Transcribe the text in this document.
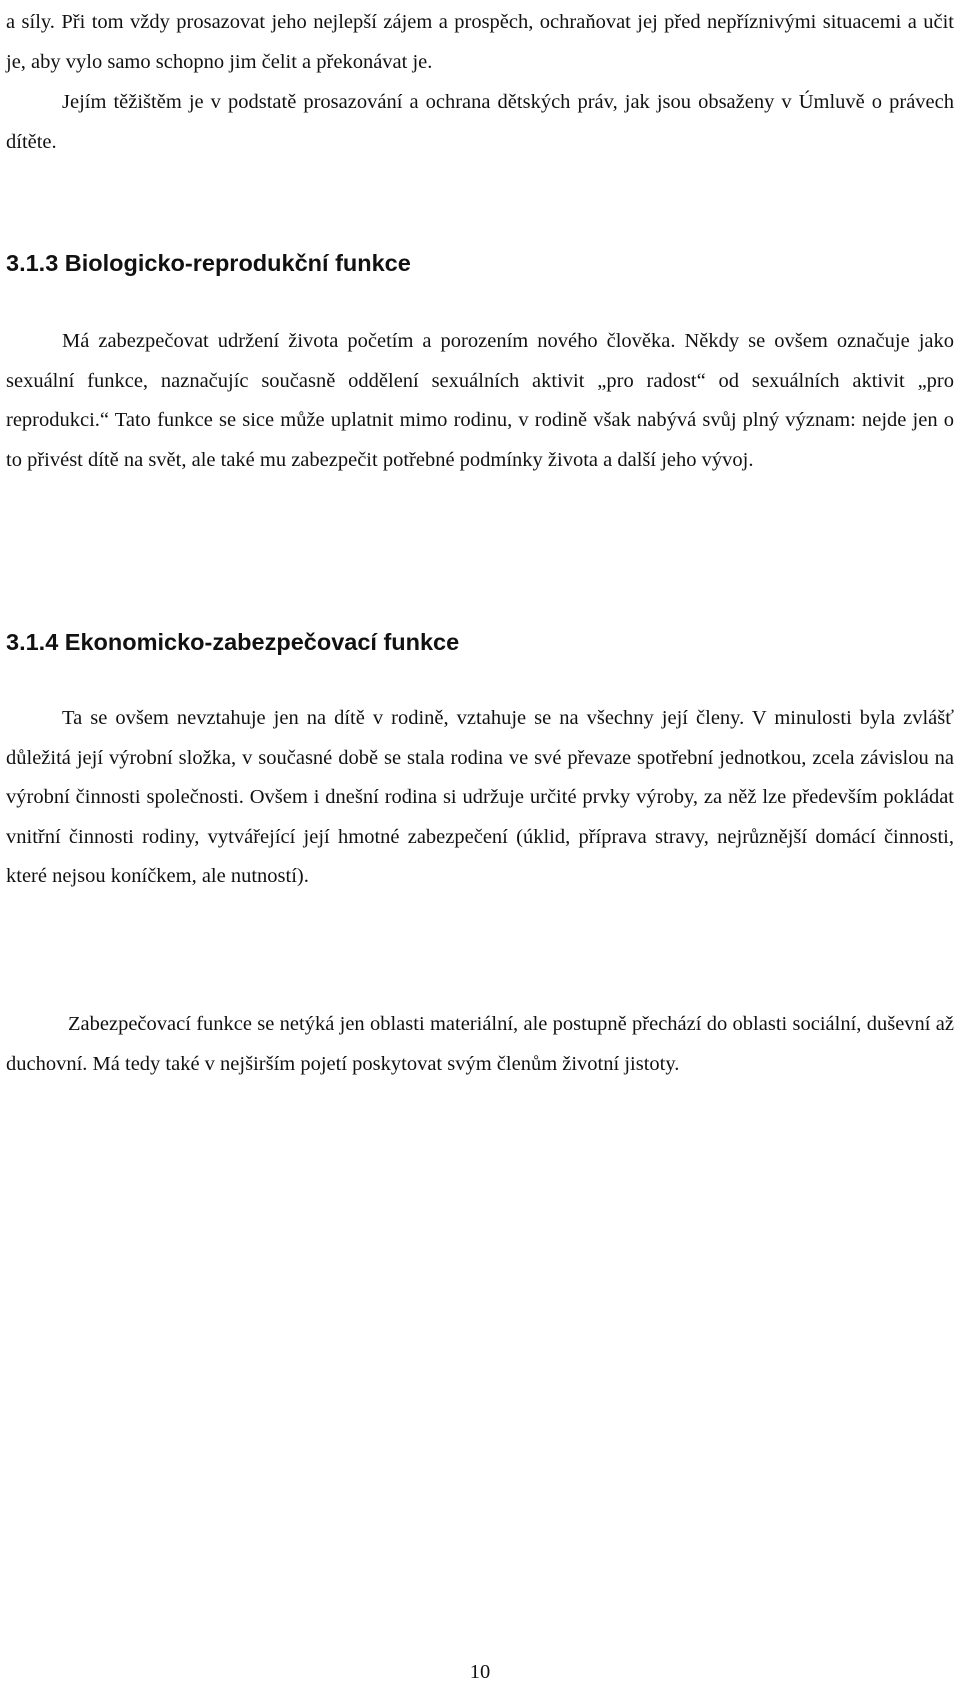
a síly. Při tom vždy prosazovat jeho nejlepší zájem a prospěch, ochraňovat jej před nepříznivými situacemi a učit je, aby vylo samo schopno jim čelit a překonávat je.

Jejím těžištěm je v podstatě prosazování a ochrana dětských práv, jak jsou obsaženy v Úmluvě o právech dítěte.

3.1.3 Biologicko-reprodukční funkce

Má zabezpečovat udržení života početím a porozením nového člověka. Někdy se ovšem označuje jako sexuální funkce, naznačujíc současně oddělení sexuálních aktivit „pro radost“ od sexuálních aktivit „pro reprodukci.“ Tato funkce se sice může uplatnit mimo rodinu, v rodině však nabývá svůj plný význam: nejde jen o to přivést dítě na svět, ale také mu zabezpečit potřebné podmínky života a další jeho vývoj.

3.1.4 Ekonomicko-zabezpečovací funkce

Ta se ovšem nevztahuje jen na dítě v rodině, vztahuje se na všechny její členy. V minulosti byla zvlášť důležitá její výrobní složka, v současné době se stala rodina ve své převaze spotřební jednotkou, zcela závislou na výrobní činnosti společnosti. Ovšem i dnešní rodina si udržuje určité prvky výroby, za něž lze především pokládat vnitřní činnosti rodiny, vytvářející její hmotné zabezpečení (úklid, příprava stravy, nejrůznější domácí činnosti, které nejsou koníčkem, ale nutností).

Zabezpečovací funkce se netýká jen oblasti materiální, ale postupně přechází do oblasti sociální, duševní až duchovní. Má tedy také v nejširším pojetí poskytovat svým členům životní jistoty.

10
